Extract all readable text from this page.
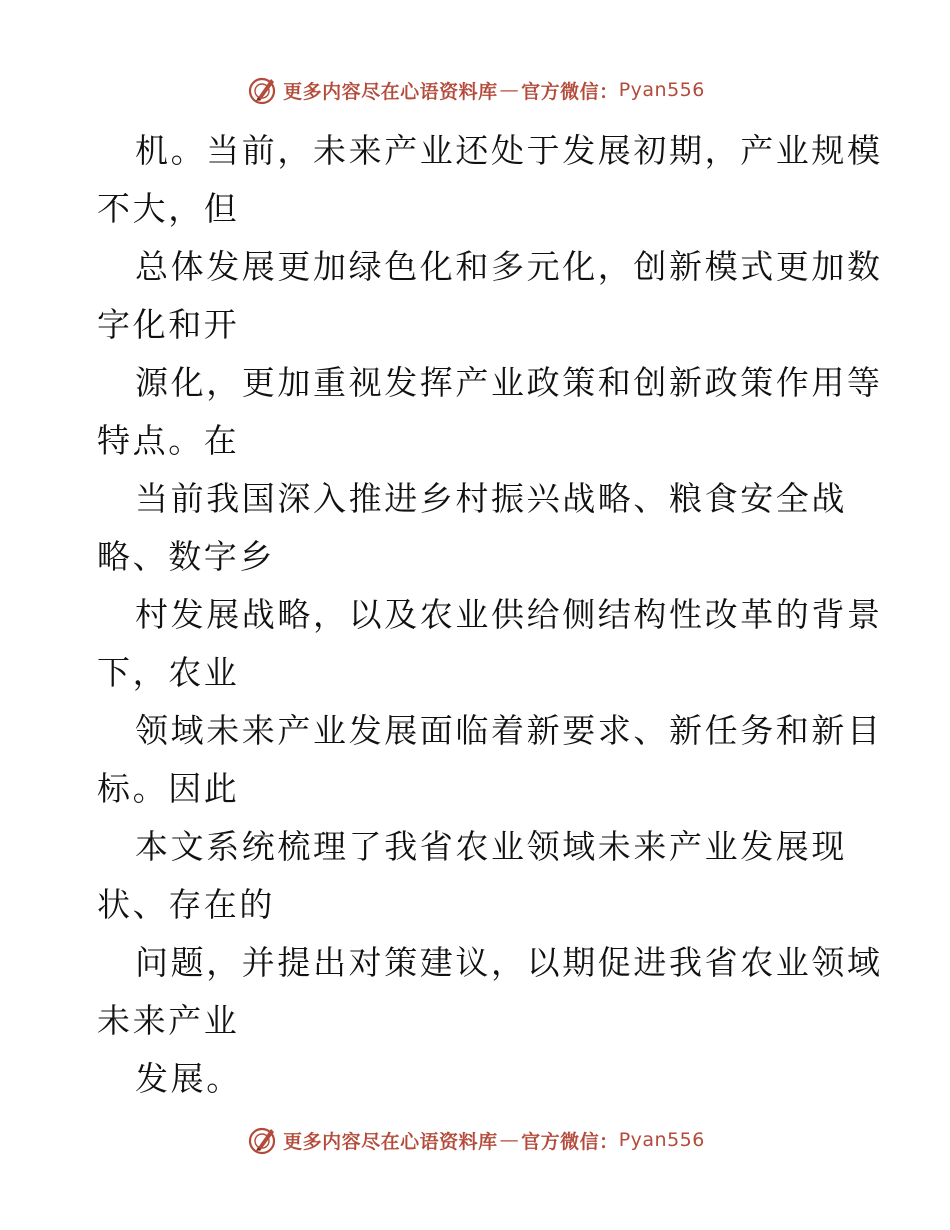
更多内容尽在心语资料库 — 官方微信： Pyan556
机。当前，未来产业还处于发展初期，产业规模
不大，但
总体发展更加绿色化和多元化，创新模式更加数
字化和开
源化，更加重视发挥产业政策和创新政策作用等
特点。在
当前我国深入推进乡村振兴战略、粮食安全战
略、数字乡
村发展战略，以及农业供给侧结构性改革的背景
下，农业
领域未来产业发展面临着新要求、新任务和新目
标。因此
本文系统梳理了我省农业领域未来产业发展现
状、存在的
问题，并提出对策建议，以期促进我省农业领域
未来产业
发展。
更多内容尽在心语资料库 — 官方微信： Pyan556
